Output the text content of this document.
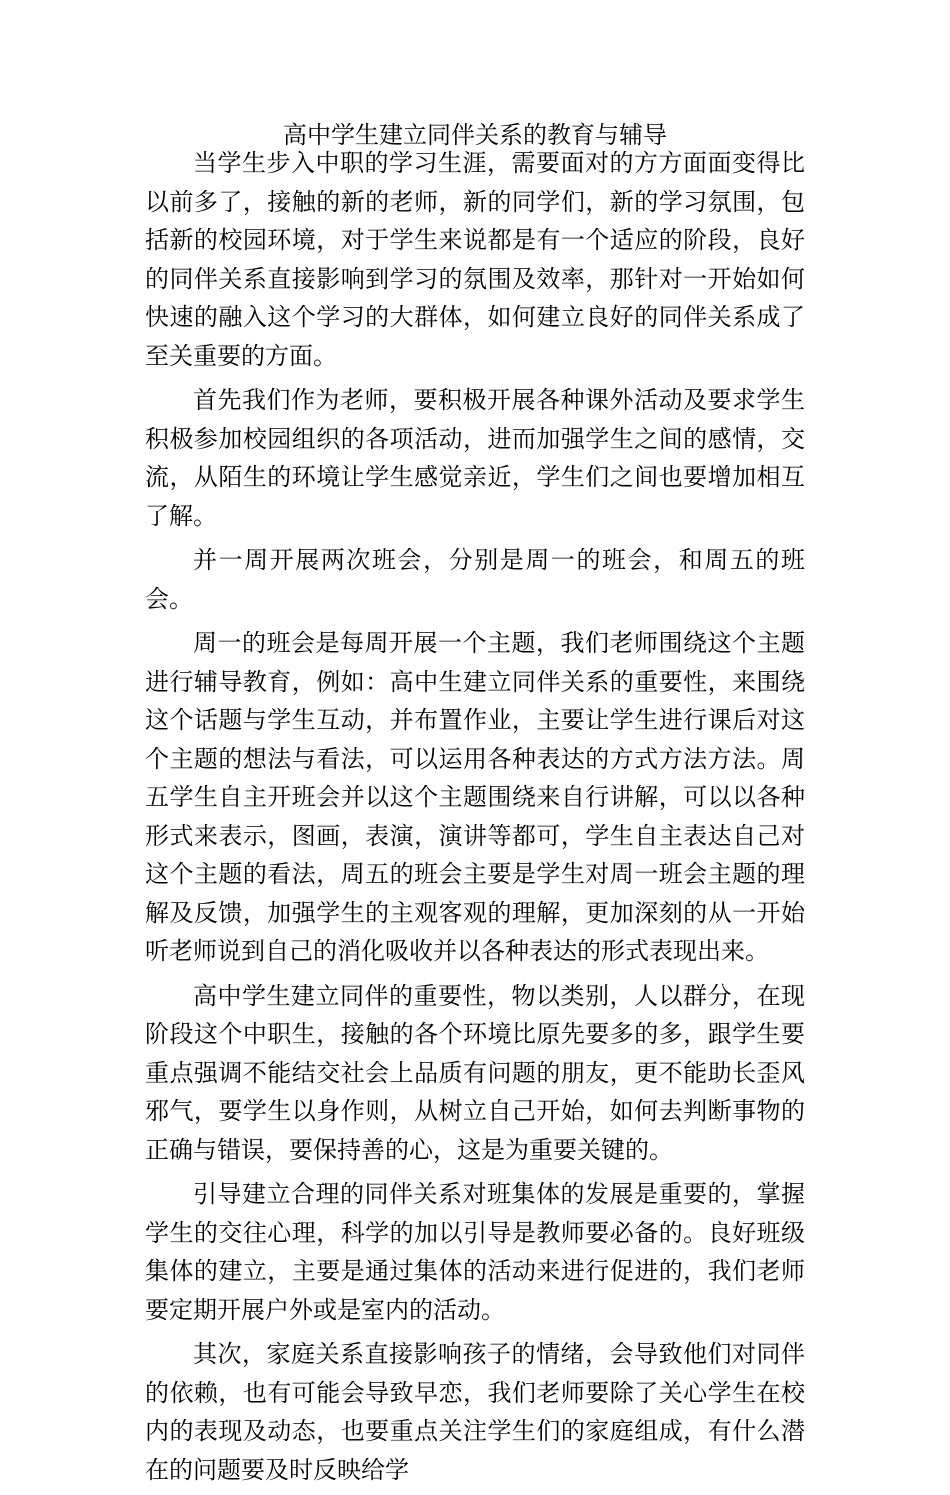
高中学生建立同伴关系的教育与辅导

当学生步入中职的学习生涯，需要面对的方方面面变得比以前多了，接触的新的老师，新的同学们，新的学习氛围，包括新的校园环境，对于学生来说都是有一个适应的阶段，良好的同伴关系直接影响到学习的氛围及效率，那针对一开始如何快速的融入这个学习的大群体，如何建立良好的同伴关系成了至关重要的方面。

首先我们作为老师，要积极开展各种课外活动及要求学生积极参加校园组织的各项活动，进而加强学生之间的感情，交流，从陌生的环境让学生感觉亲近，学生们之间也要增加相互了解。

并一周开展两次班会，分别是周一的班会，和周五的班会。

周一的班会是每周开展一个主题，我们老师围绕这个主题进行辅导教育，例如：高中生建立同伴关系的重要性，来围绕这个话题与学生互动，并布置作业，主要让学生进行课后对这个主题的想法与看法，可以运用各种表达的方式方法方法。周五学生自主开班会并以这个主题围绕来自行讲解，可以以各种形式来表示，图画，表演，演讲等都可，学生自主表达自己对这个主题的看法，周五的班会主要是学生对周一班会主题的理解及反馈，加强学生的主观客观的理解，更加深刻的从一开始听老师说到自己的消化吸收并以各种表达的形式表现出来。

高中学生建立同伴的重要性，物以类别，人以群分，在现阶段这个中职生，接触的各个环境比原先要多的多，跟学生要重点强调不能结交社会上品质有问题的朋友，更不能助长歪风邪气，要学生以身作则，从树立自己开始，如何去判断事物的正确与错误，要保持善的心，这是为重要关键的。

引导建立合理的同伴关系对班集体的发展是重要的，掌握学生的交往心理，科学的加以引导是教师要必备的。良好班级集体的建立，主要是通过集体的活动来进行促进的，我们老师要定期开展户外或是室内的活动。

其次，家庭关系直接影响孩子的情绪，会导致他们对同伴的依赖，也有可能会导致早恋，我们老师要除了关心学生在校内的表现及动态，也要重点关注学生们的家庭组成，有什么潜在的问题要及时反映给学
